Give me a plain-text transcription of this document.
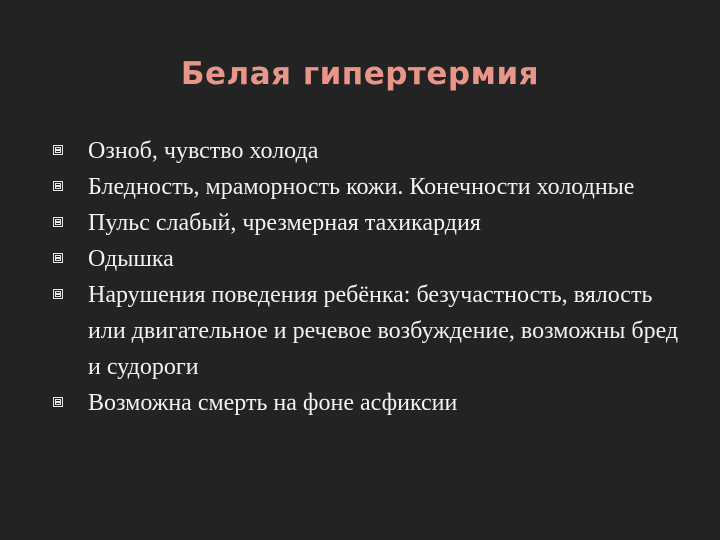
Белая гипертермия
Озноб, чувство холода
Бледность, мраморность кожи. Конечности холодные
Пульс слабый, чрезмерная тахикардия
Одышка
Нарушения поведения ребёнка: безучастность, вялость или двигательное и речевое возбуждение, возможны бред и судороги
Возможна смерть на фоне асфиксии
